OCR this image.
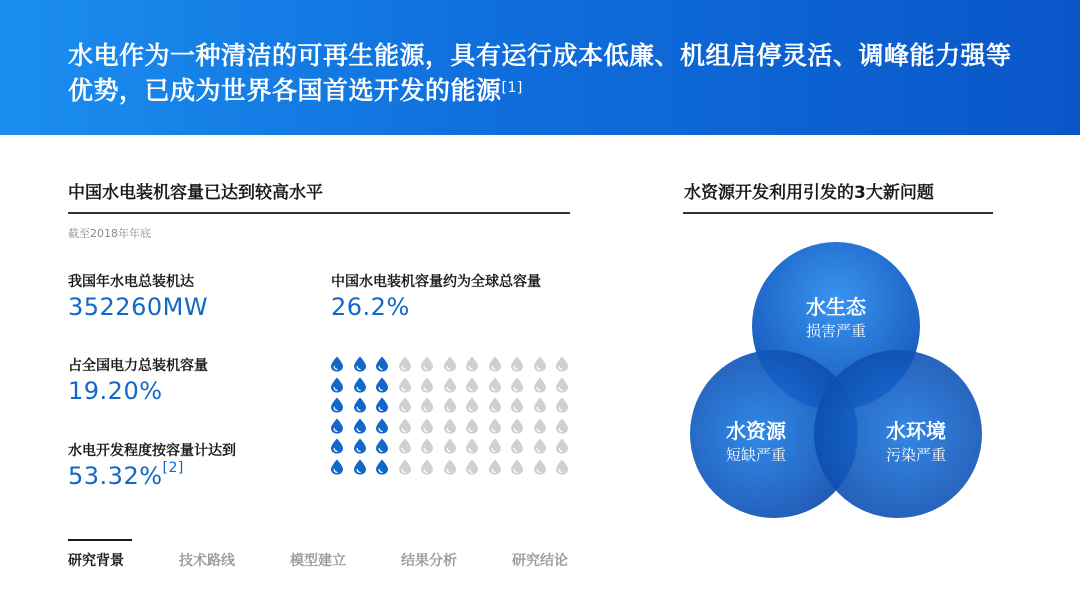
水电作为一种清洁的可再生能源，具有运行成本低廉、机组启停灵活、调峰能力强等优势，已成为世界各国首选开发的能源[1]
中国水电装机容量已达到较高水平
截至2018年年底
我国年水电总装机达
352260MW
中国水电装机容量约为全球总容量
26.2%
占全国电力总装机容量
19.20%
水电开发程度按容量计达到
53.32%[2]
水资源开发利用引发的3大新问题
水生态
损害严重
水资源
短缺严重
水环境
污染严重
研究背景	技术路线	模型建立	结果分析	研究结论
